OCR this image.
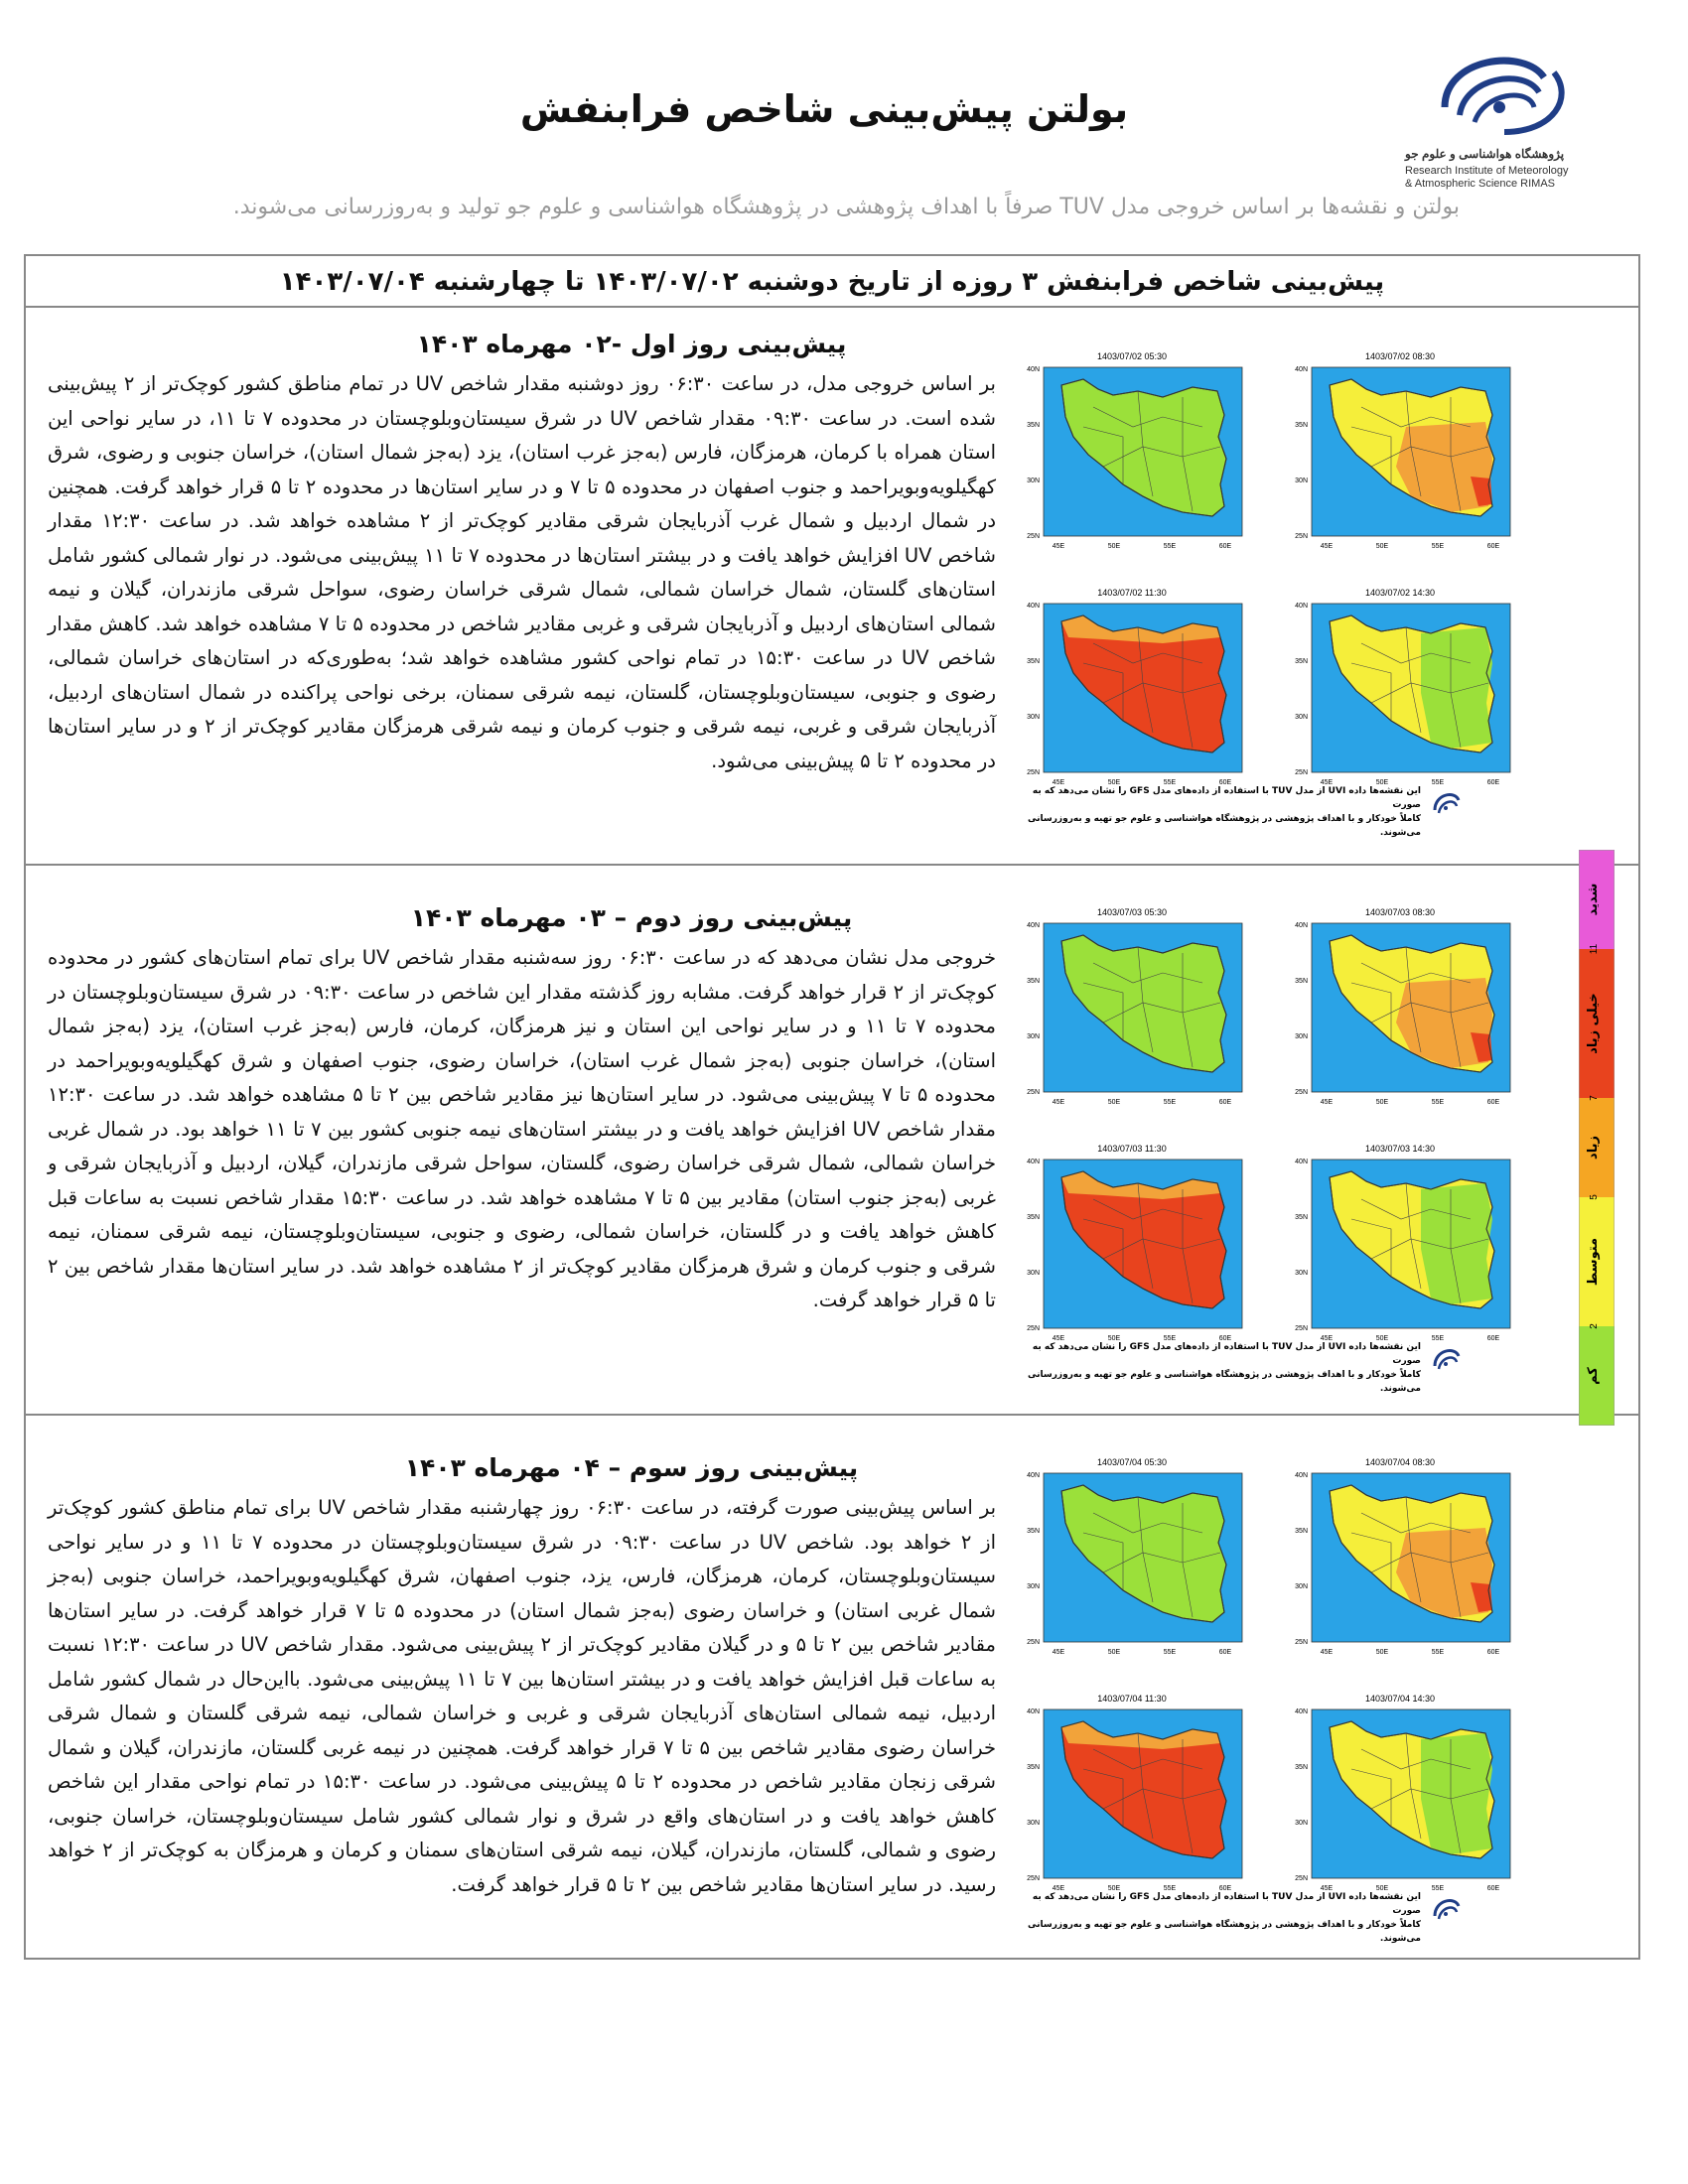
بولتن پیش‌بینی شاخص فرابنفش
پژوهشگاه هواشناسی و علوم جو
Research Institute of Meteorology
& Atmospheric Science RIMAS
بولتن و نقشه‌ها بر اساس خروجی مدل TUV صرفاً با اهداف پژوهشی در پژوهشگاه هواشناسی و علوم جو تولید و به‌روزرسانی می‌شوند.
پیش‌بینی شاخص فرابنفش ۳ روزه از تاریخ دوشنبه ۱۴۰۳/۰۷/۰۲ تا چهارشنبه ۱۴۰۳/۰۷/۰۴
پیش‌بینی روز اول -۰۲ مهرماه ۱۴۰۳
بر اساس خروجی مدل، در ساعت ۰۶:۳۰ روز دوشنبه مقدار شاخص UV در تمام مناطق کشور کوچک‌تر از ۲ پیش‌بینی شده است. در ساعت ۰۹:۳۰ مقدار شاخص UV در شرق سیستان‌وبلوچستان در محدوده ۷ تا ۱۱، در سایر نواحی این استان همراه با کرمان، هرمزگان، فارس (به‌جز غرب استان)، یزد (به‌جز شمال استان)، خراسان جنوبی و رضوی، شرق کهگیلویه‌وبویراحمد و جنوب اصفهان در محدوده ۵ تا ۷ و در سایر استان‌ها در محدوده ۲ تا ۵ قرار خواهد گرفت. همچنین در شمال اردبیل و شمال غرب آذربایجان شرقی مقادیر کوچک‌تر از ۲ مشاهده خواهد شد. در ساعت ۱۲:۳۰ مقدار شاخص UV افزایش خواهد یافت و در بیشتر استان‌ها در محدوده ۷ تا ۱۱ پیش‌بینی می‌شود. در نوار شمالی کشور شامل استان‌های گلستان، شمال خراسان شمالی، شمال شرقی خراسان رضوی، سواحل شرقی مازندران، گیلان و نیمه شمالی استان‌های اردبیل و آذربایجان شرقی و غربی مقادیر شاخص در محدوده ۵ تا ۷ مشاهده خواهد شد. کاهش مقدار شاخص UV در ساعت ۱۵:۳۰ در تمام نواحی کشور مشاهده خواهد شد؛ به‌طوری‌که در استان‌های خراسان شمالی، رضوی و جنوبی، سیستان‌وبلوچستان، گلستان، نیمه شرقی سمنان، برخی نواحی پراکنده در شمال استان‌های اردبیل، آذربایجان شرقی و غربی، نیمه شرقی و جنوب کرمان و نیمه شرقی هرمزگان مقادیر کوچک‌تر از ۲ و در سایر استان‌ها در محدوده ۲ تا ۵ پیش‌بینی می‌شود.
1403/07/02 08:30
40N
35N
30N
25N
45E	50E	55E	60E
1403/07/02 05:30
40N
35N
30N
25N
45E	50E	55E	60E
1403/07/02 14:30
40N
35N
30N
25N
45E	50E	55E	60E
1403/07/02 11:30
40N
35N
30N
25N
45E	50E	55E	60E
این نقشه‌ها داده UVI از مدل TUV با استفاده از داده‌های مدل GFS را نشان می‌دهد که به صورت
کاملاً خودکار و با اهداف پژوهشی در پژوهشگاه هواشناسی و علوم جو تهیه و به‌روزرسانی می‌شوند.
پیش‌بینی روز دوم – ۰۳ مهرماه ۱۴۰۳
خروجی مدل نشان می‌دهد که در ساعت ۰۶:۳۰ روز سه‌شنبه مقدار شاخص UV برای تمام استان‌های کشور در محدوده کوچک‌تر از ۲ قرار خواهد گرفت. مشابه روز گذشته مقدار این شاخص در ساعت ۰۹:۳۰ در شرق سیستان‌وبلوچستان در محدوده ۷ تا ۱۱ و در سایر نواحی این استان و نیز هرمزگان، کرمان، فارس (به‌جز غرب استان)، یزد (به‌جز شمال استان)، خراسان جنوبی (به‌جز شمال غرب استان)، خراسان رضوی، جنوب اصفهان و شرق کهگیلویه‌وبویراحمد در محدوده ۵ تا ۷ پیش‌بینی می‌شود. در سایر استان‌ها نیز مقادیر شاخص بین ۲ تا ۵ مشاهده خواهد شد. در ساعت ۱۲:۳۰ مقدار شاخص UV افزایش خواهد یافت و در بیشتر استان‌های نیمه جنوبی کشور بین ۷ تا ۱۱ خواهد بود. در شمال غربی خراسان شمالی، شمال شرقی خراسان رضوی، گلستان، سواحل شرقی مازندران، گیلان، اردبیل و آذربایجان شرقی و غربی (به‌جز جنوب استان) مقادیر بین ۵ تا ۷ مشاهده خواهد شد. در ساعت ۱۵:۳۰ مقدار شاخص نسبت به ساعات قبل کاهش خواهد یافت و در گلستان، خراسان شمالی، رضوی و جنوبی، سیستان‌وبلوچستان، نیمه شرقی سمنان، نیمه شرقی و جنوب کرمان و شرق هرمزگان مقادیر کوچک‌تر از ۲ مشاهده خواهد شد. در سایر استان‌ها مقدار شاخص بین ۲ تا ۵ قرار خواهد گرفت.
1403/07/03 08:30
40N
35N
30N
25N
45E	50E	55E	60E
1403/07/03 05:30
40N
35N
30N
25N
45E	50E	55E	60E
1403/07/03 14:30
40N
35N
30N
25N
45E	50E	55E	60E
1403/07/03 11:30
40N
35N
30N
25N
45E	50E	55E	60E
این نقشه‌ها داده UVI از مدل TUV با استفاده از داده‌های مدل GFS را نشان می‌دهد که به صورت
کاملاً خودکار و با اهداف پژوهشی در پژوهشگاه هواشناسی و علوم جو تهیه و به‌روزرسانی می‌شوند.
پیش‌بینی روز سوم – ۰۴ مهرماه ۱۴۰۳
بر اساس پیش‌بینی صورت گرفته، در ساعت ۰۶:۳۰ روز چهارشنبه مقدار شاخص UV برای تمام مناطق کشور کوچک‌تر از ۲ خواهد بود. شاخص UV در ساعت ۰۹:۳۰ در شرق سیستان‌وبلوچستان در محدوده ۷ تا ۱۱ و در سایر نواحی سیستان‌وبلوچستان، کرمان، هرمزگان، فارس، یزد، جنوب اصفهان، شرق کهگیلویه‌وبویراحمد، خراسان جنوبی (به‌جز شمال غربی استان) و خراسان رضوی (به‌جز شمال استان) در محدوده ۵ تا ۷ قرار خواهد گرفت. در سایر استان‌ها مقادیر شاخص بین ۲ تا ۵ و در گیلان مقادیر کوچک‌تر از ۲ پیش‌بینی می‌شود. مقدار شاخص UV در ساعت ۱۲:۳۰ نسبت به ساعات قبل افزایش خواهد یافت و در بیشتر استان‌ها بین ۷ تا ۱۱ پیش‌بینی می‌شود. بااین‌حال در شمال کشور شامل اردبیل، نیمه شمالی استان‌های آذربایجان شرقی و غربی و خراسان شمالی، نیمه شرقی گلستان و شمال شرقی خراسان رضوی مقادیر شاخص بین ۵ تا ۷ قرار خواهد گرفت. همچنین در نیمه غربی گلستان، مازندران، گیلان و شمال شرقی زنجان مقادیر شاخص در محدوده ۲ تا ۵ پیش‌بینی می‌شود. در ساعت ۱۵:۳۰ در تمام نواحی مقدار این شاخص کاهش خواهد یافت و در استان‌های واقع در شرق و نوار شمالی کشور شامل سیستان‌وبلوچستان، خراسان جنوبی، رضوی و شمالی، گلستان، مازندران، گیلان، نیمه شرقی استان‌های سمنان و کرمان و هرمزگان به کوچک‌تر از ۲ خواهد رسید. در سایر استان‌ها مقادیر شاخص بین ۲ تا ۵ قرار خواهد گرفت.
1403/07/04 08:30
40N
35N
30N
25N
45E	50E	55E	60E
1403/07/04 05:30
40N
35N
30N
25N
45E	50E	55E	60E
1403/07/04 14:30
40N
35N
30N
25N
45E	50E	55E	60E
1403/07/04 11:30
40N
35N
30N
25N
45E	50E	55E	60E
این نقشه‌ها داده UVI از مدل TUV با استفاده از داده‌های مدل GFS را نشان می‌دهد که به صورت
کاملاً خودکار و با اهداف پژوهشی در پژوهشگاه هواشناسی و علوم جو تهیه و به‌روزرسانی می‌شوند.
شدید
خیلی زیاد
زیاد
متوسط
کم
11
7
5
2
